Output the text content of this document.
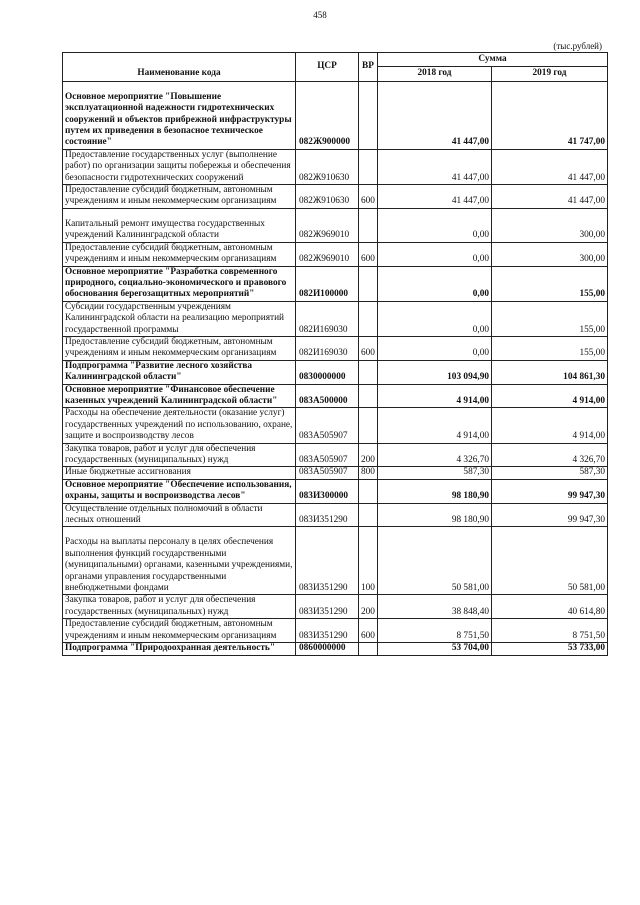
458
(тыс.рублей)
Наименование кода	ЦСР	ВР	Сумма	
			2018 год	2019 год
Основное мероприятие "Повышение эксплуатационной надежности гидротехнических сооружений и объектов прибрежной инфраструктуры путем их приведения в безопасное техническое состояние"	082Ж900000		41 447,00	41 747,00
Предоставление государственных услуг (выполнение работ) по организации защиты побережья и обеспечения безопасности гидротехнических сооружений	082Ж910630		41 447,00	41 447,00
Предоставление субсидий бюджетным, автономным учреждениям и иным некоммерческим организациям	082Ж910630	600	41 447,00	41 447,00
Капитальный ремонт имущества государственных учреждений Калининградской области	082Ж969010		0,00	300,00
Предоставление субсидий бюджетным, автономным учреждениям и иным некоммерческим организациям	082Ж969010	600	0,00	300,00
Основное мероприятие "Разработка современного природного, социально-экономического и правового обоснования берегозащитных мероприятий"	082И100000		0,00	155,00
Субсидии государственным учреждениям Калининградской области на реализацию мероприятий государственной программы	082И169030		0,00	155,00
Предоставление субсидий бюджетным, автономным учреждениям и иным некоммерческим организациям	082И169030	600	0,00	155,00
Подпрограмма "Развитие лесного хозяйства Калининградской области"	0830000000		103 094,90	104 861,30
Основное мероприятие "Финансовое обеспечение казенных учреждений Калининградской области"	083А500000		4 914,00	4 914,00
Расходы на обеспечение деятельности (оказание услуг) государственных учреждений по использованию, охране, защите и воспроизводству лесов	083А505907		4 914,00	4 914,00
Закупка товаров, работ и услуг для обеспечения государственных (муниципальных) нужд	083А505907	200	4 326,70	4 326,70
Иные бюджетные ассигнования	083А505907	800	587,30	587,30
Основное мероприятие "Обеспечение использования, охраны, защиты и воспроизводства лесов"	083И300000		98 180,90	99 947,30
Осуществление отдельных полномочий в области лесных отношений	083И351290		98 180,90	99 947,30
Расходы на выплаты персоналу в целях обеспечения выполнения функций государственными (муниципальными) органами, казенными учреждениями, органами управления государственными внебюджетными фондами	083И351290	100	50 581,00	50 581,00
Закупка товаров, работ и услуг для обеспечения государственных (муниципальных) нужд	083И351290	200	38 848,40	40 614,80
Предоставление субсидий бюджетным, автономным учреждениям и иным некоммерческим организациям	083И351290	600	8 751,50	8 751,50
Подпрограмма "Природоохранная деятельность"	0860000000		53 704,00	53 733,00
